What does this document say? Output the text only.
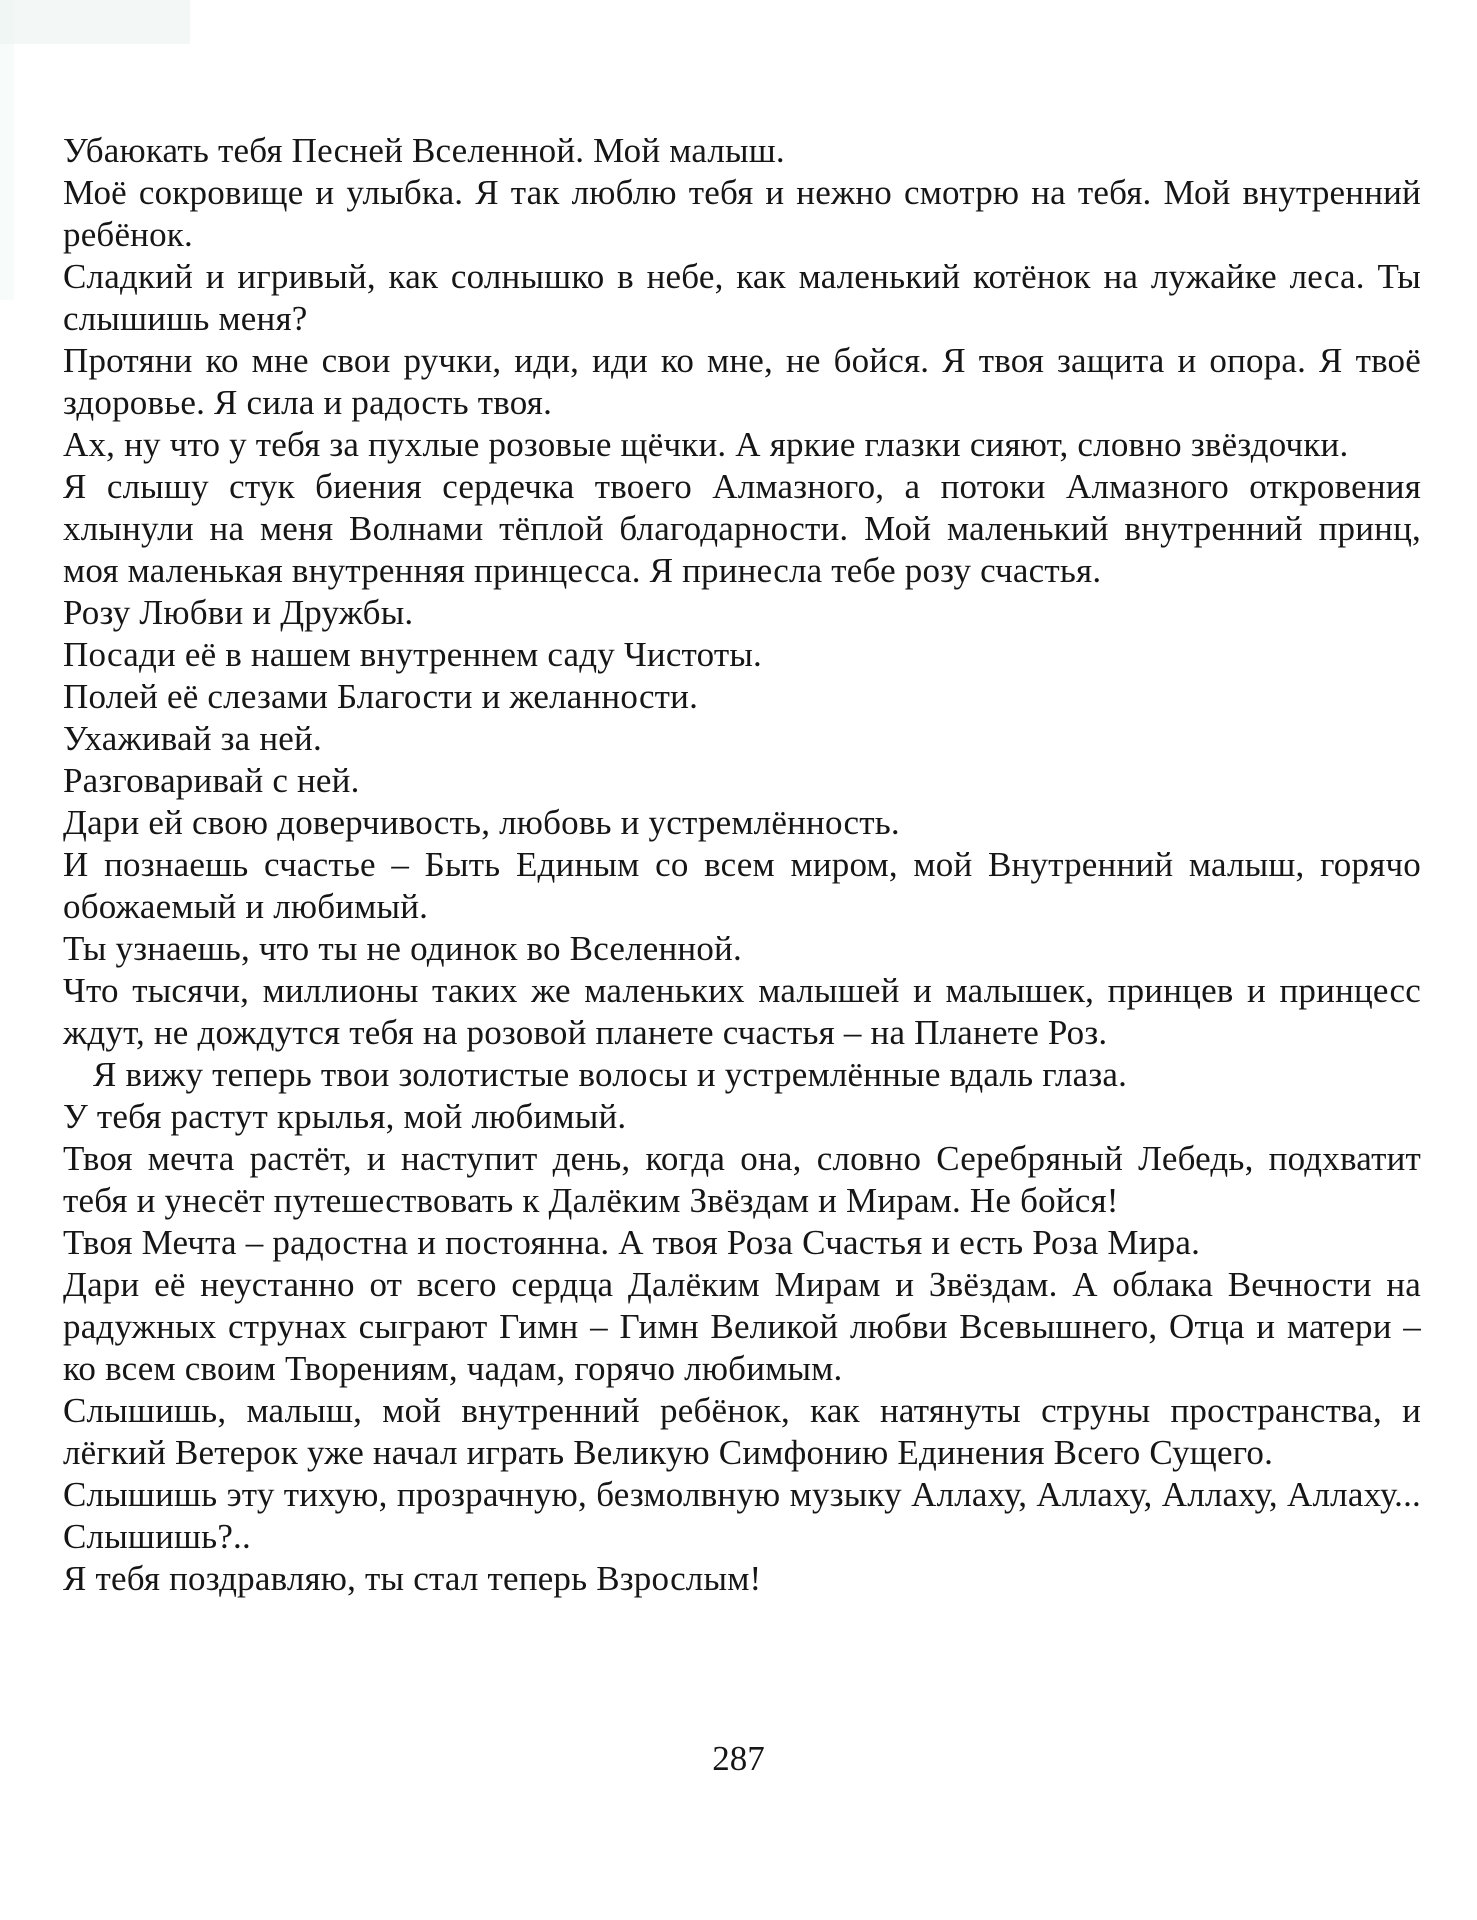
Убаюкать тебя Песней Вселенной. Мой малыш.

Моё сокровище и улыбка. Я так люблю тебя и нежно смотрю на тебя. Мой внутренний ребёнок.

Сладкий и игривый, как солнышко в небе, как маленький котёнок на лужайке леса. Ты слышишь меня?

Протяни ко мне свои ручки, иди, иди ко мне, не бойся. Я твоя защита и опора. Я твоё здоровье. Я сила и радость твоя.

Ах, ну что у тебя за пухлые розовые щёчки. А яркие глазки сияют, словно звёздочки.

Я слышу стук биения сердечка твоего Алмазного, а потоки Алмазного откровения хлынули на меня Волнами тёплой благодарности. Мой маленький внутренний принц, моя маленькая внутренняя принцесса. Я принесла тебе розу счастья.

Розу Любви и Дружбы.

Посади её в нашем внутреннем саду Чистоты.

Полей её слезами Благости и желанности.

Ухаживай за ней.

Разговаривай с ней.

Дари ей свою доверчивость, любовь и устремлённость.

И познаешь счастье – Быть Единым со всем миром, мой Внутренний малыш, горячо обожаемый и любимый.

Ты узнаешь, что ты не одинок во Вселенной.

Что тысячи, миллионы таких же маленьких малышей и малышек, принцев и принцесс ждут, не дождутся тебя на розовой планете счастья – на Планете Роз.

Я вижу теперь твои золотистые волосы и устремлённые вдаль глаза.

У тебя растут крылья, мой любимый.

Твоя мечта растёт, и наступит день, когда она, словно Серебряный Лебедь, подхватит тебя и унесёт путешествовать к Далёким Звёздам и Мирам. Не бойся!

Твоя Мечта – радостна и постоянна. А твоя Роза Счастья и есть Роза Мира.

Дари её неустанно от всего сердца Далёким Мирам и Звёздам. А облака Вечности на радужных струнах сыграют Гимн – Гимн Великой любви Всевышнего, Отца и матери – ко всем своим Творениям, чадам, горячо любимым.

Слышишь, малыш, мой внутренний ребёнок, как натянуты струны пространства, и лёгкий Ветерок уже начал играть Великую Симфонию Единения Всего Сущего.

Слышишь эту тихую, прозрачную, безмолвную музыку Аллаху, Аллаху, Аллаху, Аллаху... Слышишь?..

Я тебя поздравляю, ты стал теперь Взрослым!

287
